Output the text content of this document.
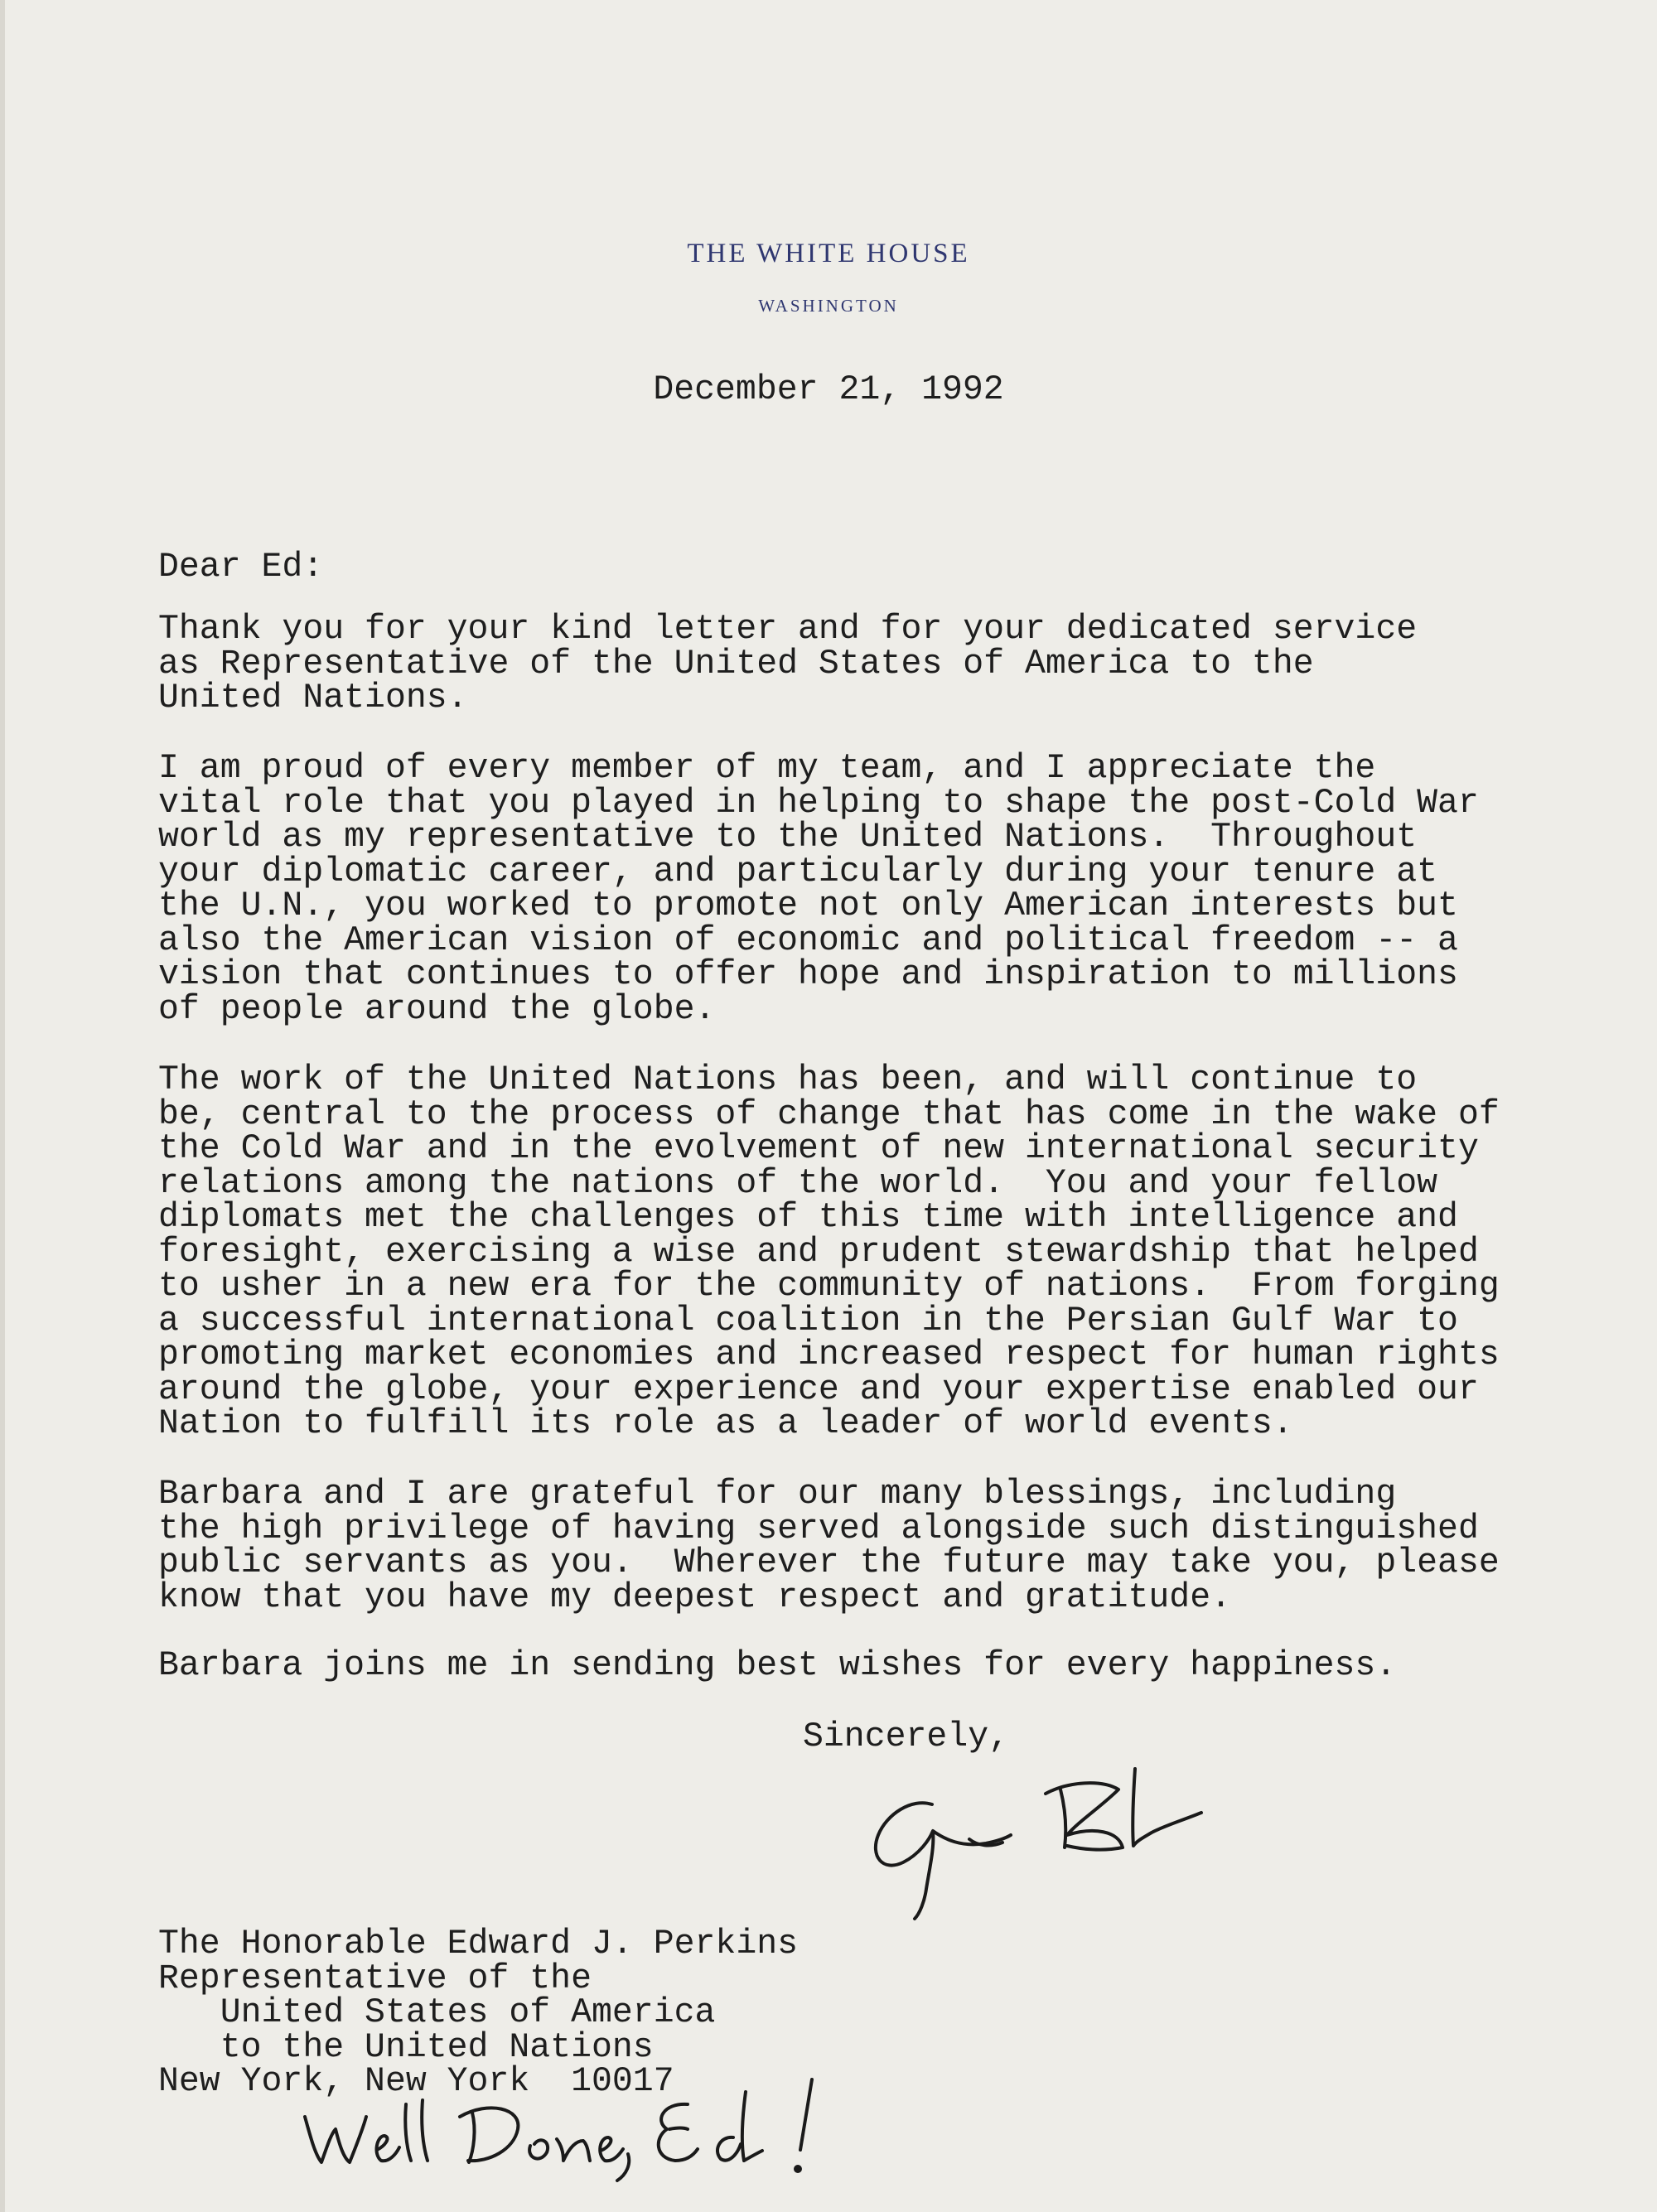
THE WHITE HOUSE
WASHINGTON
December 21, 1992
Dear Ed:
Thank you for your kind letter and for your dedicated service
as Representative of the United States of America to the
United Nations.
I am proud of every member of my team, and I appreciate the
vital role that you played in helping to shape the post-Cold War
world as my representative to the United Nations.  Throughout
your diplomatic career, and particularly during your tenure at
the U.N., you worked to promote not only American interests but
also the American vision of economic and political freedom -- a
vision that continues to offer hope and inspiration to millions
of people around the globe.
The work of the United Nations has been, and will continue to
be, central to the process of change that has come in the wake of
the Cold War and in the evolvement of new international security
relations among the nations of the world.  You and your fellow
diplomats met the challenges of this time with intelligence and
foresight, exercising a wise and prudent stewardship that helped
to usher in a new era for the community of nations.  From forging
a successful international coalition in the Persian Gulf War to
promoting market economies and increased respect for human rights
around the globe, your experience and your expertise enabled our
Nation to fulfill its role as a leader of world events.
Barbara and I are grateful for our many blessings, including
the high privilege of having served alongside such distinguished
public servants as you.  Wherever the future may take you, please
know that you have my deepest respect and gratitude.
Barbara joins me in sending best wishes for every happiness.
Sincerely,
The Honorable Edward J. Perkins
Representative of the
United States of America
to the United Nations
New York, New York  10017
